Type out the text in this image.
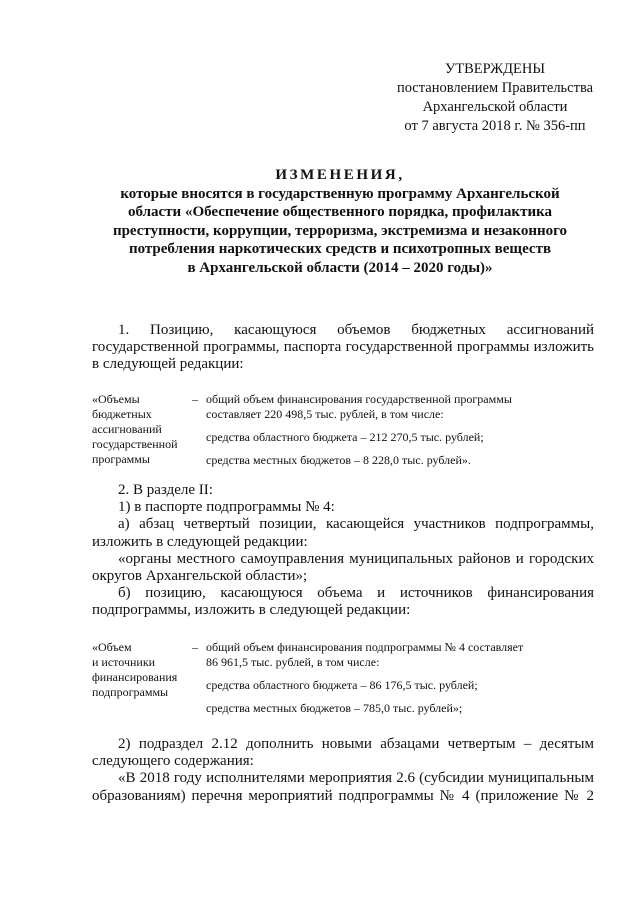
УТВЕРЖДЕНЫ
постановлением Правительства
Архангельской области
от 7 августа 2018 г. № 356-пп
ИЗМЕНЕНИЯ,
которые вносятся в государственную программу Архангельской
области «Обеспечение общественного порядка, профилактика
преступности, коррупции, терроризма, экстремизма и незаконного
потребления наркотических средств и психотропных веществ
в Архангельской области (2014 – 2020 годы)»
1. Позицию, касающуюся объемов бюджетных ассигнований
государственной программы, паспорта государственной программы изложить
в следующей редакции:
«Объемы
бюджетных
ассигнований
государственной
программы
– общий объем финансирования государственной программы
составляет 220 498,5 тыс. рублей, в том числе:
средства областного бюджета – 212 270,5 тыс. рублей;
средства местных бюджетов – 8 228,0 тыс. рублей».
2. В разделе II:
1) в паспорте подпрограммы № 4:
а) абзац четвертый позиции, касающейся участников подпрограммы,
изложить в следующей редакции:
«органы местного самоуправления муниципальных районов и городских
округов Архангельской области»;
б) позицию, касающуюся объема и источников финансирования
подпрограммы, изложить в следующей редакции:
«Объем
и источники
финансирования
подпрограммы
– общий объем финансирования подпрограммы № 4 составляет
86 961,5 тыс. рублей, в том числе:
средства областного бюджета – 86 176,5 тыс. рублей;
средства местных бюджетов – 785,0 тыс. рублей»;
2) подраздел 2.12 дополнить новыми абзацами четвертым – десятым
следующего содержания:
«В 2018 году исполнителями мероприятия 2.6 (субсидии муниципальным
образованиям) перечня мероприятий подпрограммы № 4 (приложение № 2
